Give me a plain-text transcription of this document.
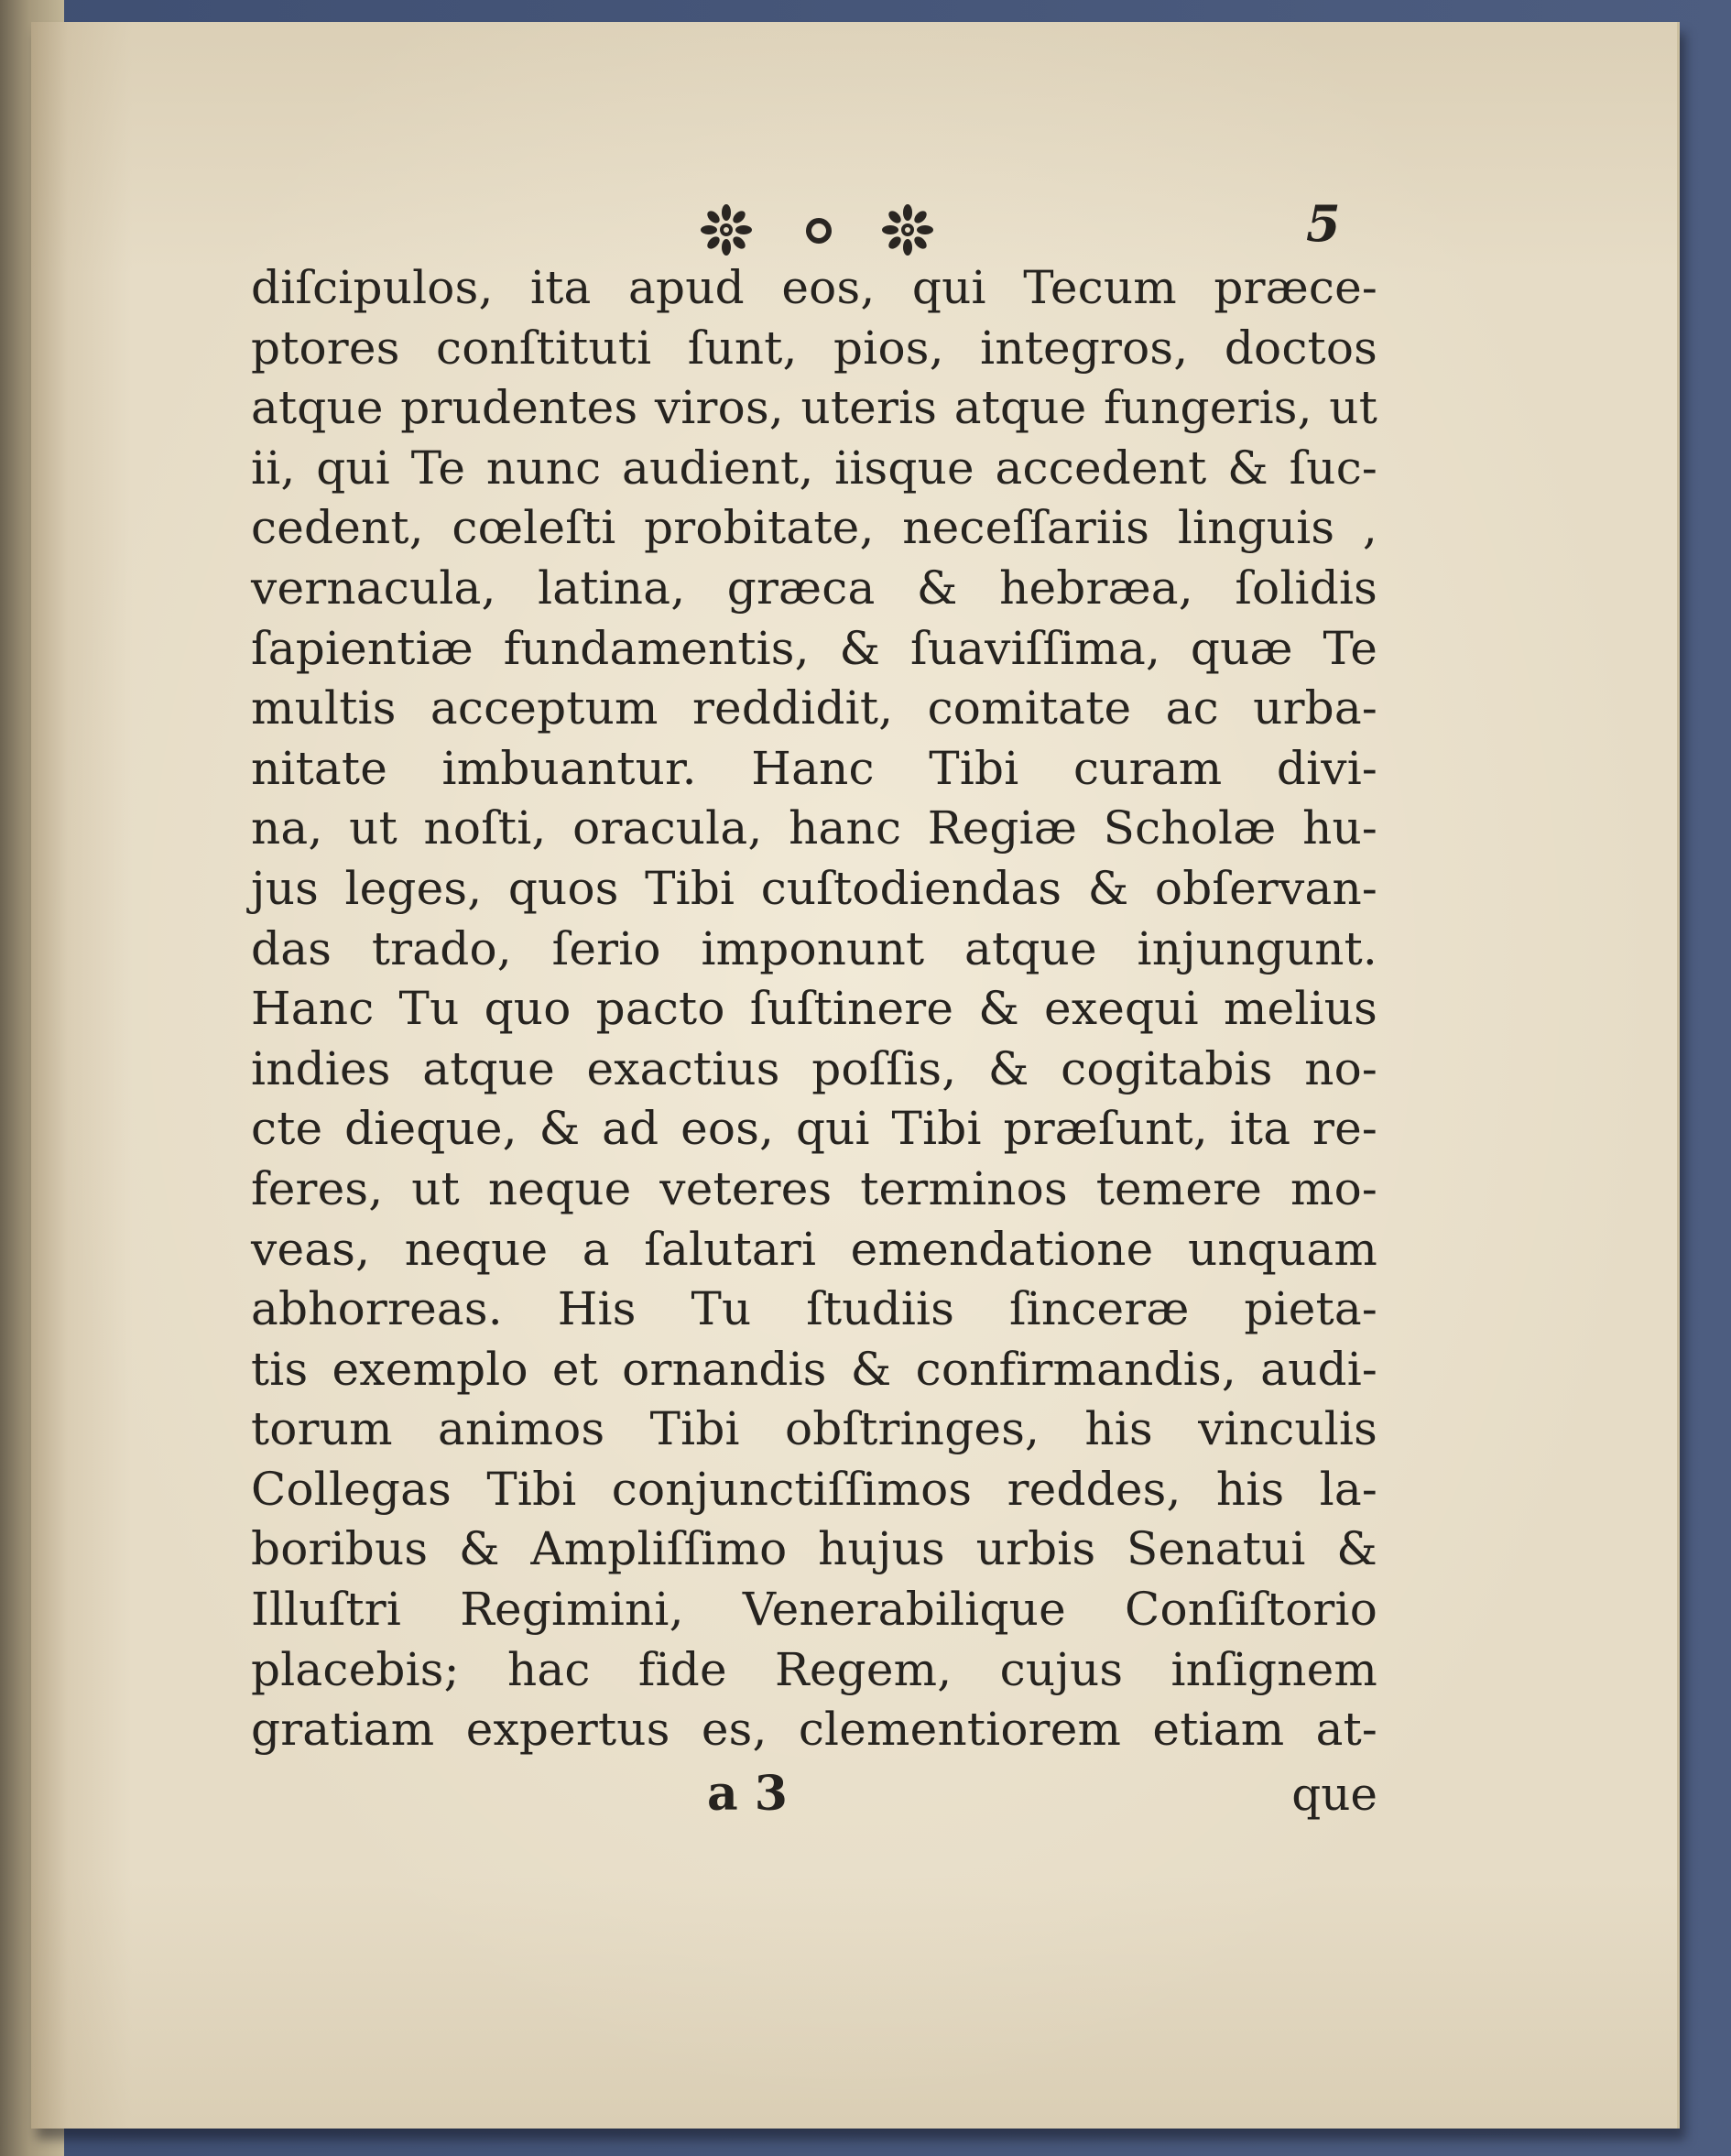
5
diſcipulos, ita apud eos, qui Tecum præce-
ptores conſtituti ſunt, pios, integros, doctos
atque prudentes viros, uteris atque fungeris, ut
ii, qui Te nunc audient, iisque accedent & ſuc-
cedent, cœleſti probitate, neceſſariis linguis ,
vernacula, latina, græca & hebræa, ſolidis
ſapientiæ fundamentis, & ſuaviſſima, quæ Te
multis acceptum reddidit, comitate ac urba-
nitate imbuantur. Hanc Tibi curam divi-
na, ut noſti, oracula, hanc Regiæ Scholæ hu-
jus leges, quos Tibi cuſtodiendas & obſervan-
das trado, ſerio imponunt atque injungunt.
Hanc Tu quo pacto ſuſtinere & exequi melius
indies atque exactius poſſis, & cogitabis no-
cte dieque, & ad eos, qui Tibi præſunt, ita re-
feres, ut neque veteres terminos temere mo-
veas, neque a ſalutari emendatione unquam
abhorreas. His Tu ſtudiis ſinceræ pieta-
tis exemplo et ornandis & confirmandis, audi-
torum animos Tibi obſtringes, his vinculis
Collegas Tibi conjunctiſſimos reddes, his la-
boribus & Ampliſſimo hujus urbis Senatui &
Illuſtri Regimini, Venerabilique Conſiſtorio
placebis; hac fide Regem, cujus inſignem
gratiam expertus es, clementiorem etiam at-
a 3	que
